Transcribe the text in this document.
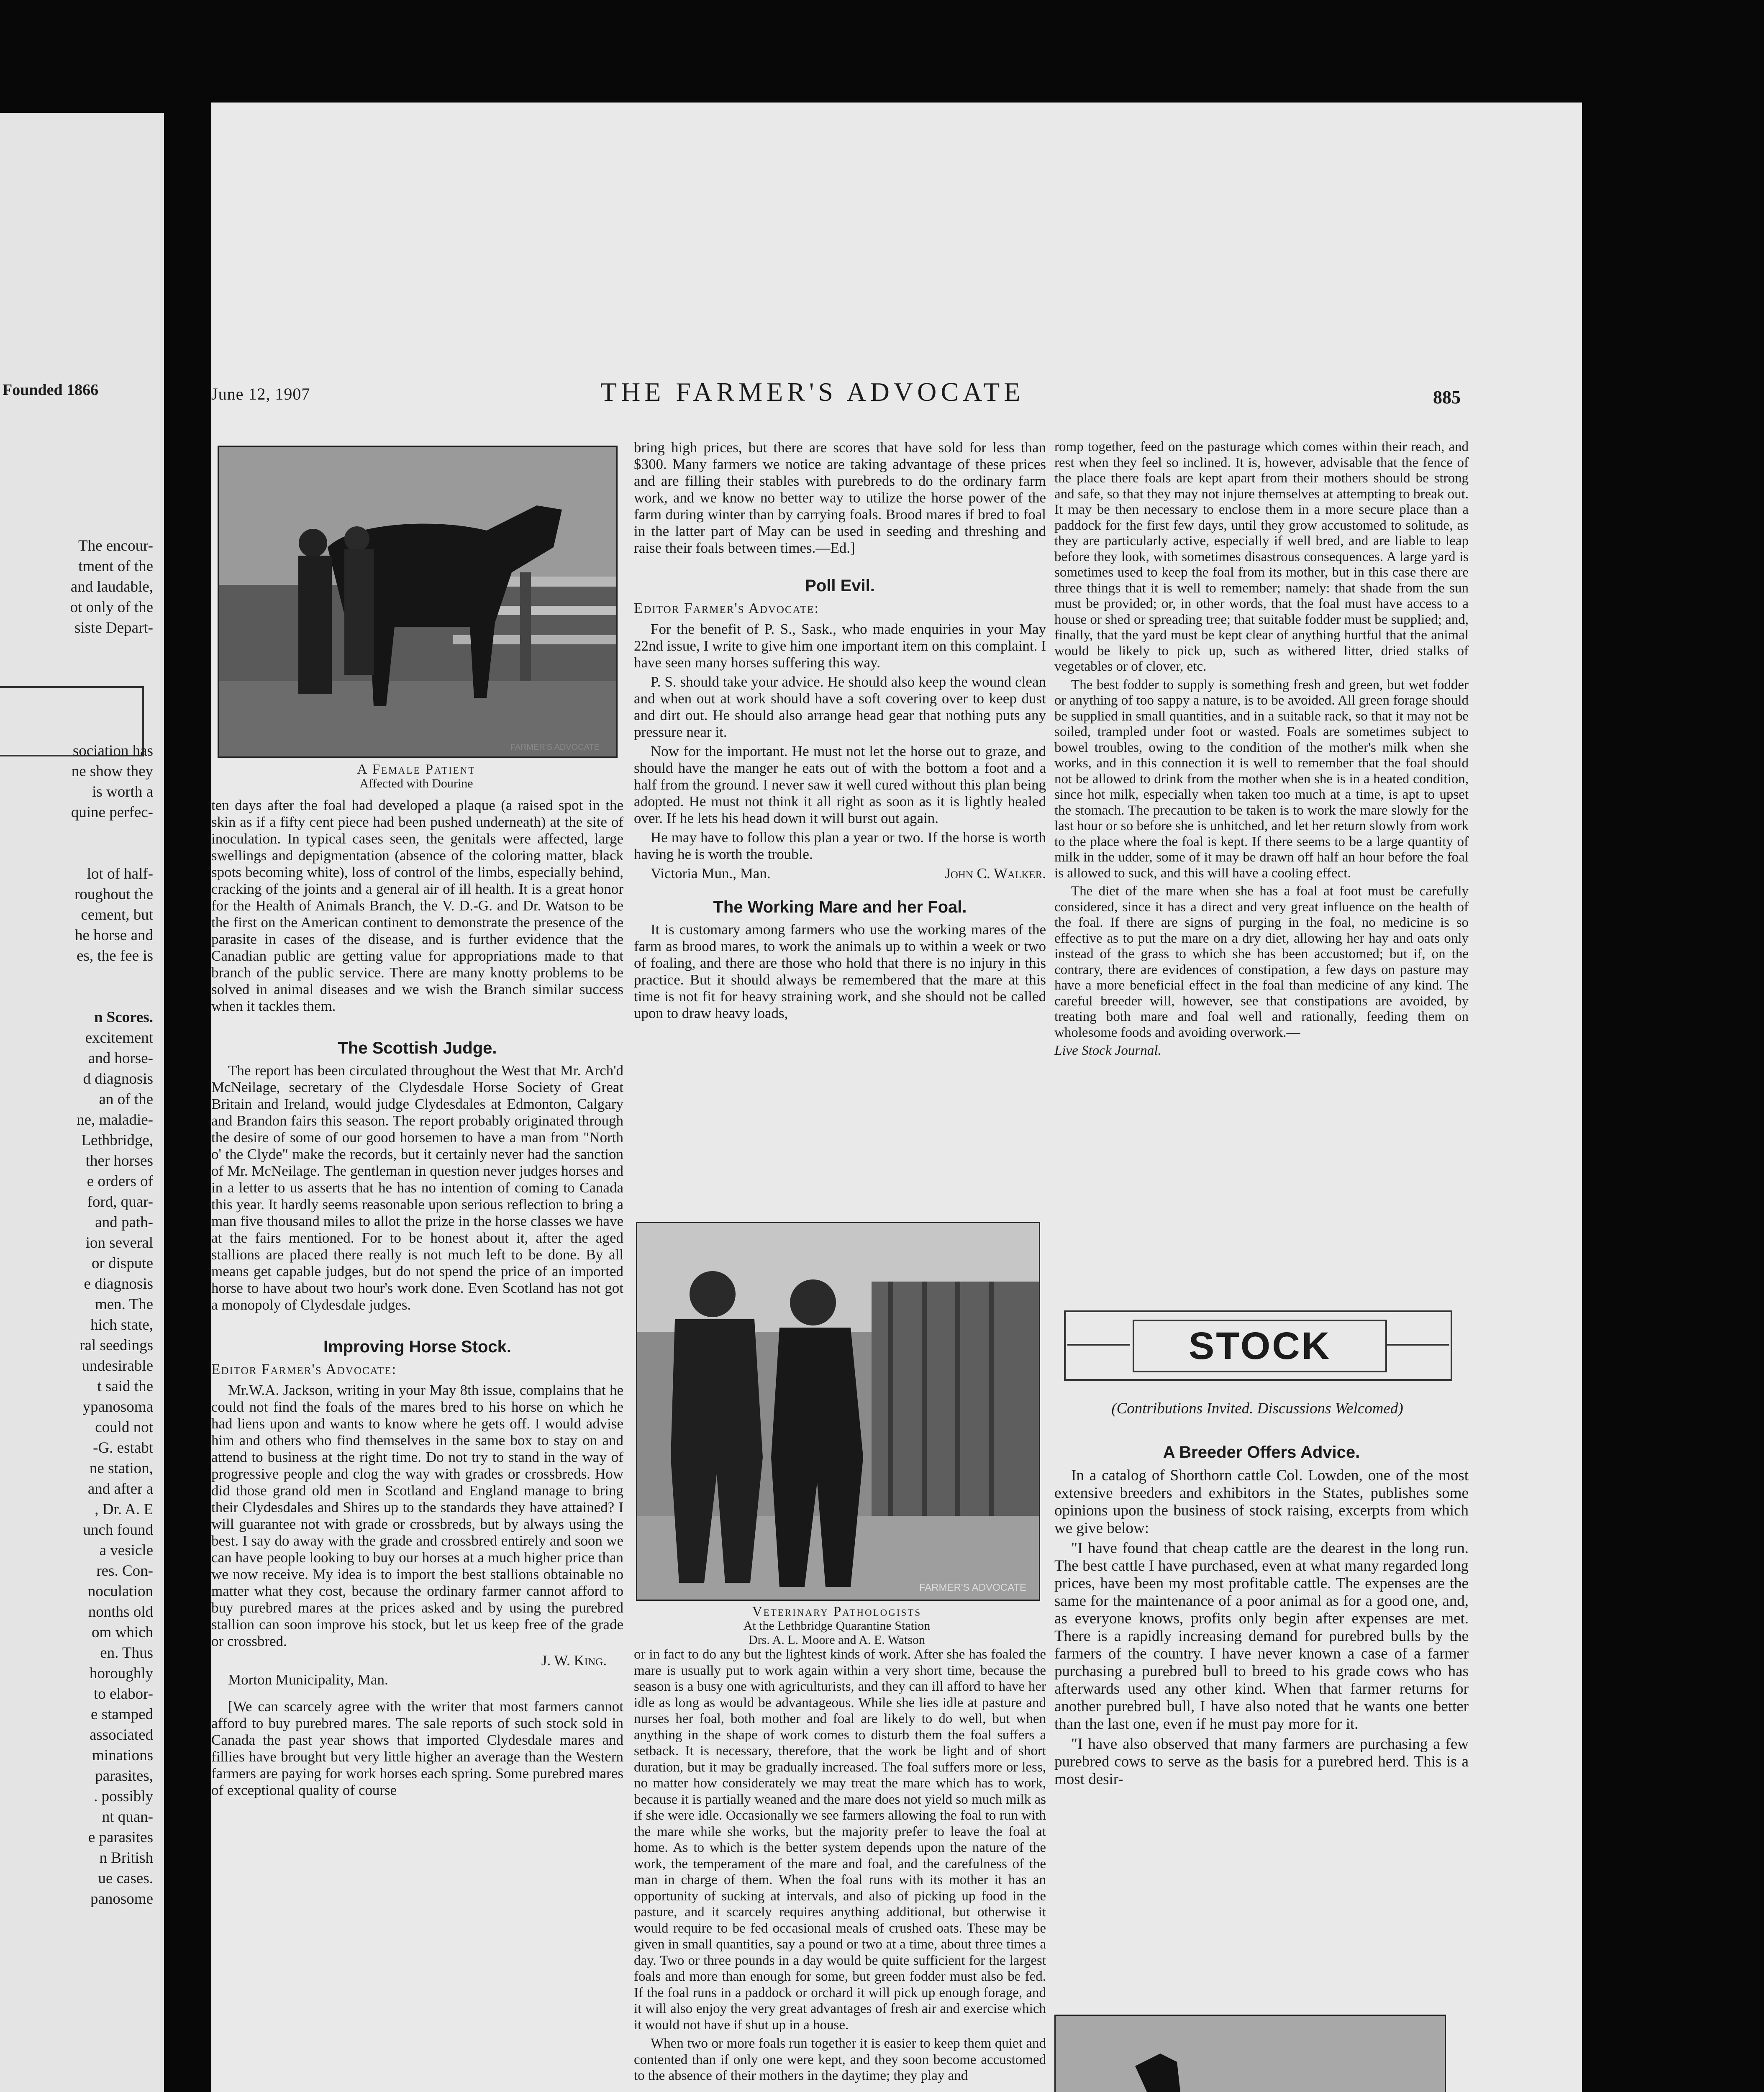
Founded 1866
The encour-
tment of the
and laudable,
ot only of the
siste Depart-
sociation has
ne show they
is worth a
quine perfec-
lot of half-
roughout the
cement, but
he horse and
es, the fee is
n Scores.
excitement
and horse-
d diagnosis
an of the
ne, maladie-
Lethbridge,
ther horses
e orders of
ford, quar-
and path-
ion several
or dispute
e diagnosis
men. The
hich state,
ral seedings
undesirable
t said the
ypanosoma
could not
-G. estabt
ne station,
and after a
, Dr. A. E
unch found
a vesicle
res. Con-
noculation
nonths old
om which
en. Thus
horoughly
to elabor-
e stamped
associated
minations
parasites,
. possibly
nt quan-
e parasites
n British
ue cases.
panosome
June 12, 1907	THE FARMER'S ADVOCATE	885
FARMER'S ADVOCATE
A Female Patient
Affected with Dourine

ten days after the foal had developed a plaque (a raised spot in the skin as if a fifty cent piece had been pushed underneath) at the site of inoculation. In typical cases seen, the genitals were affected, large swellings and depigmentation (absence of the coloring matter, black spots becoming white), loss of control of the limbs, especially behind, cracking of the joints and a general air of ill health. It is a great honor for the Health of Animals Branch, the V. D.-G. and Dr. Watson to be the first on the American continent to demonstrate the presence of the parasite in cases of the disease, and is further evidence that the Canadian public are getting value for appropriations made to that branch of the public service. There are many knotty problems to be solved in animal diseases and we wish the Branch similar success when it tackles them.

The Scottish Judge.

The report has been circulated throughout the West that Mr. Arch'd McNeilage, secretary of the Clydesdale Horse Society of Great Britain and Ireland, would judge Clydesdales at Edmonton, Calgary and Brandon fairs this season. The report probably originated through the desire of some of our good horsemen to have a man from "North o' the Clyde" make the records, but it certainly never had the sanction of Mr. McNeilage. The gentleman in question never judges horses and in a letter to us asserts that he has no intention of coming to Canada this year. It hardly seems reasonable upon serious reflection to bring a man five thousand miles to allot the prize in the horse classes we have at the fairs mentioned. For to be honest about it, after the aged stallions are placed there really is not much left to be done. By all means get capable judges, but do not spend the price of an imported horse to have about two hour's work done. Even Scotland has not got a monopoly of Clydesdale judges.

Improving Horse Stock.
Editor Farmer's Advocate:

Mr.W.A. Jackson, writing in your May 8th issue, complains that he could not find the foals of the mares bred to his horse on which he had liens upon and wants to know where he gets off. I would advise him and others who find themselves in the same box to stay on and attend to business at the right time. Do not try to stand in the way of progressive people and clog the way with grades or crossbreds. How did those grand old men in Scotland and England manage to bring their Clydesdales and Shires up to the standards they have attained? I will guarantee not with grade or crossbreds, but by always using the best. I say do away with the grade and crossbred entirely and soon we can have people looking to buy our horses at a much higher price than we now receive. My idea is to import the best stallions obtainable no matter what they cost, because the ordinary farmer cannot afford to buy purebred mares at the prices asked and by using the purebred stallion can soon improve his stock, but let us keep free of the grade or crossbred.

J. W. King.

Morton Municipality, Man.

[We can scarcely agree with the writer that most farmers cannot afford to buy purebred mares. The sale reports of such stock sold in Canada the past year shows that imported Clydesdale mares and fillies have brought but very little higher an average than the Western farmers are paying for work horses each spring. Some purebred mares of exceptional quality of course

bring high prices, but there are scores that have sold for less than $300. Many farmers we notice are taking advantage of these prices and are filling their stables with purebreds to do the ordinary farm work, and we know no better way to utilize the horse power of the farm during winter than by carrying foals. Brood mares if bred to foal in the latter part of May can be used in seeding and threshing and raise their foals between times.—Ed.]

Poll Evil.
Editor Farmer's Advocate:

For the benefit of P. S., Sask., who made enquiries in your May 22nd issue, I write to give him one important item on this complaint. I have seen many horses suffering this way.

P. S. should take your advice. He should also keep the wound clean and when out at work should have a soft covering over to keep dust and dirt out. He should also arrange head gear that nothing puts any pressure near it.

Now for the important. He must not let the horse out to graze, and should have the manger he eats out of with the bottom a foot and a half from the ground. I never saw it well cured without this plan being adopted. He must not think it all right as soon as it is lightly healed over. If he lets his head down it will burst out again.

He may have to follow this plan a year or two. If the horse is worth having he is worth the trouble.

Victoria Mun., Man.	John C. Walker.
The Working Mare and her Foal.

It is customary among farmers who use the working mares of the farm as brood mares, to work the animals up to within a week or two of foaling, and there are those who hold that there is no injury in this practice. But it should always be remembered that the mare at this time is not fit for heavy straining work, and she should not be called upon to draw heavy loads,

FARMER'S ADVOCATE
Veterinary Pathologists
At the Lethbridge Quarantine Station
Drs. A. L. Moore and A. E. Watson

or in fact to do any but the lightest kinds of work. After she has foaled the mare is usually put to work again within a very short time, because the season is a busy one with agriculturists, and they can ill afford to have her idle as long as would be advantageous. While she lies idle at pasture and nurses her foal, both mother and foal are likely to do well, but when anything in the shape of work comes to disturb them the foal suffers a setback. It is necessary, therefore, that the work be light and of short duration, but it may be gradually increased. The foal suffers more or less, no matter how considerately we may treat the mare which has to work, because it is partially weaned and the mare does not yield so much milk as if she were idle. Occasionally we see farmers allowing the foal to run with the mare while she works, but the majority prefer to leave the foal at home. As to which is the better system depends upon the nature of the work, the temperament of the mare and foal, and the carefulness of the man in charge of them. When the foal runs with its mother it has an opportunity of sucking at intervals, and also of picking up food in the pasture, and it scarcely requires anything additional, but otherwise it would require to be fed occasional meals of crushed oats. These may be given in small quantities, say a pound or two at a time, about three times a day. Two or three pounds in a day would be quite sufficient for the largest foals and more than enough for some, but green fodder must also be fed. If the foal runs in a paddock or orchard it will pick up enough forage, and it will also enjoy the very great advantages of fresh air and exercise which it would not have if shut up in a house.

When two or more foals run together it is easier to keep them quiet and contented than if only one were kept, and they soon become accustomed to the absence of their mothers in the daytime; they play and

romp together, feed on the pasturage which comes within their reach, and rest when they feel so inclined. It is, however, advisable that the fence of the place there foals are kept apart from their mothers should be strong and safe, so that they may not injure themselves at attempting to break out. It may be then necessary to enclose them in a more secure place than a paddock for the first few days, until they grow accustomed to solitude, as they are particularly active, especially if well bred, and are liable to leap before they look, with sometimes disastrous consequences. A large yard is sometimes used to keep the foal from its mother, but in this case there are three things that it is well to remember; namely: that shade from the sun must be provided; or, in other words, that the foal must have access to a house or shed or spreading tree; that suitable fodder must be supplied; and, finally, that the yard must be kept clear of anything hurtful that the animal would be likely to pick up, such as withered litter, dried stalks of vegetables or of clover, etc.

The best fodder to supply is something fresh and green, but wet fodder or anything of too sappy a nature, is to be avoided. All green forage should be supplied in small quantities, and in a suitable rack, so that it may not be soiled, trampled under foot or wasted. Foals are sometimes subject to bowel troubles, owing to the condition of the mother's milk when she works, and in this connection it is well to remember that the foal should not be allowed to drink from the mother when she is in a heated condition, since hot milk, especially when taken too much at a time, is apt to upset the stomach. The precaution to be taken is to work the mare slowly for the last hour or so before she is unhitched, and let her return slowly from work to the place where the foal is kept. If there seems to be a large quantity of milk in the udder, some of it may be drawn off half an hour before the foal is allowed to suck, and this will have a cooling effect.

The diet of the mare when she has a foal at foot must be carefully considered, since it has a direct and very great influence on the health of the foal. If there are signs of purging in the foal, no medicine is so effective as to put the mare on a dry diet, allowing her hay and oats only instead of the grass to which she has been accustomed; but if, on the contrary, there are evidences of constipation, a few days on pasture may have a more beneficial effect in the foal than medicine of any kind. The careful breeder will, however, see that constipations are avoided, by treating both mare and foal well and rationally, feeding them on wholesome foods and avoiding overwork.—

Live Stock Journal.

STOCK
(Contributions Invited. Discussions Welcomed)
A Breeder Offers Advice.

In a catalog of Shorthorn cattle Col. Lowden, one of the most extensive breeders and exhibitors in the States, publishes some opinions upon the business of stock raising, excerpts from which we give below:

"I have found that cheap cattle are the dearest in the long run. The best cattle I have purchased, even at what many regarded long prices, have been my most profitable cattle. The expenses are the same for the maintenance of a poor animal as for a good one, and, as everyone knows, profits only begin after expenses are met. There is a rapidly increasing demand for purebred bulls by the farmers of the country. I have never known a case of a farmer purchasing a purebred bull to breed to his grade cows who has afterwards used any other kind. When that farmer returns for another purebred bull, I have also noted that he wants one better than the last one, even if he must pay more for it.

"I have also observed that many farmers are purchasing a few purebred cows to serve as the basis for a purebred herd. This is a most desir-
